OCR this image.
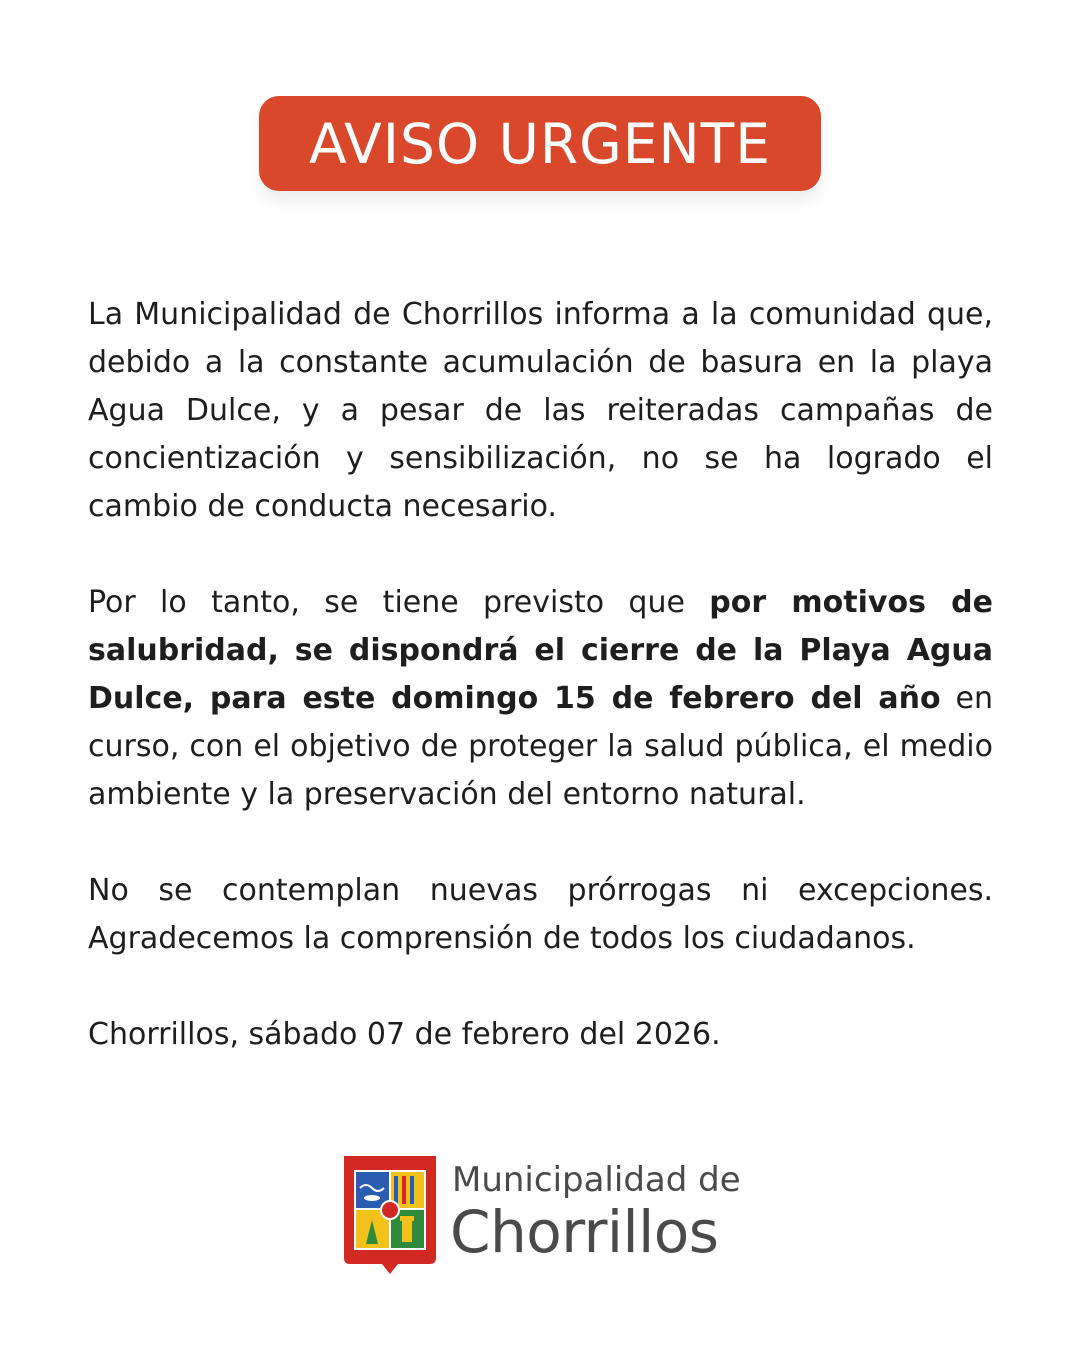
AVISO URGENTE
La Municipalidad de Chorrillos informa a la comunidad que, debido a la constante acumulación de basura en la playa Agua Dulce, y a pesar de las reiteradas campañas de concientización y sensibilización, no se ha logrado el cambio de conducta necesario.
Por lo tanto, se tiene previsto que por motivos de salubridad, se dispondrá el cierre de la Playa Agua Dulce, para este domingo 15 de febrero del año en curso, con el objetivo de proteger la salud pública, el medio ambiente y la preservación del entorno natural.
No se contemplan nuevas prórrogas ni excepciones. Agradecemos la comprensión de todos los ciudadanos.
Chorrillos, sábado 07 de febrero del 2026.
Municipalidad de
Chorrillos
